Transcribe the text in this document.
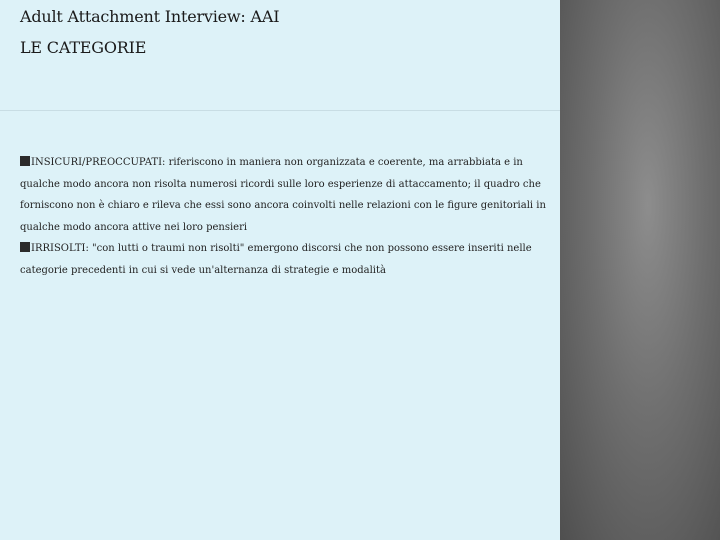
Adult Attachment Interview: AAI
LE CATEGORIE

INSICURI/PREOCCUPATI: riferiscono in maniera non organizzata e coerente, ma arrabbiata e in qualche modo ancora non risolta numerosi ricordi sulle loro esperienze di attaccamento; il quadro che forniscono non è chiaro e rileva che essi sono ancora coinvolti nelle relazioni con le figure genitoriali in qualche modo ancora attive nei loro pensieri

IRRISOLTI: "con lutti o traumi non risolti" emergono discorsi che non possono essere inseriti nelle categorie precedenti in cui si vede un'alternanza di strategie e modalità
